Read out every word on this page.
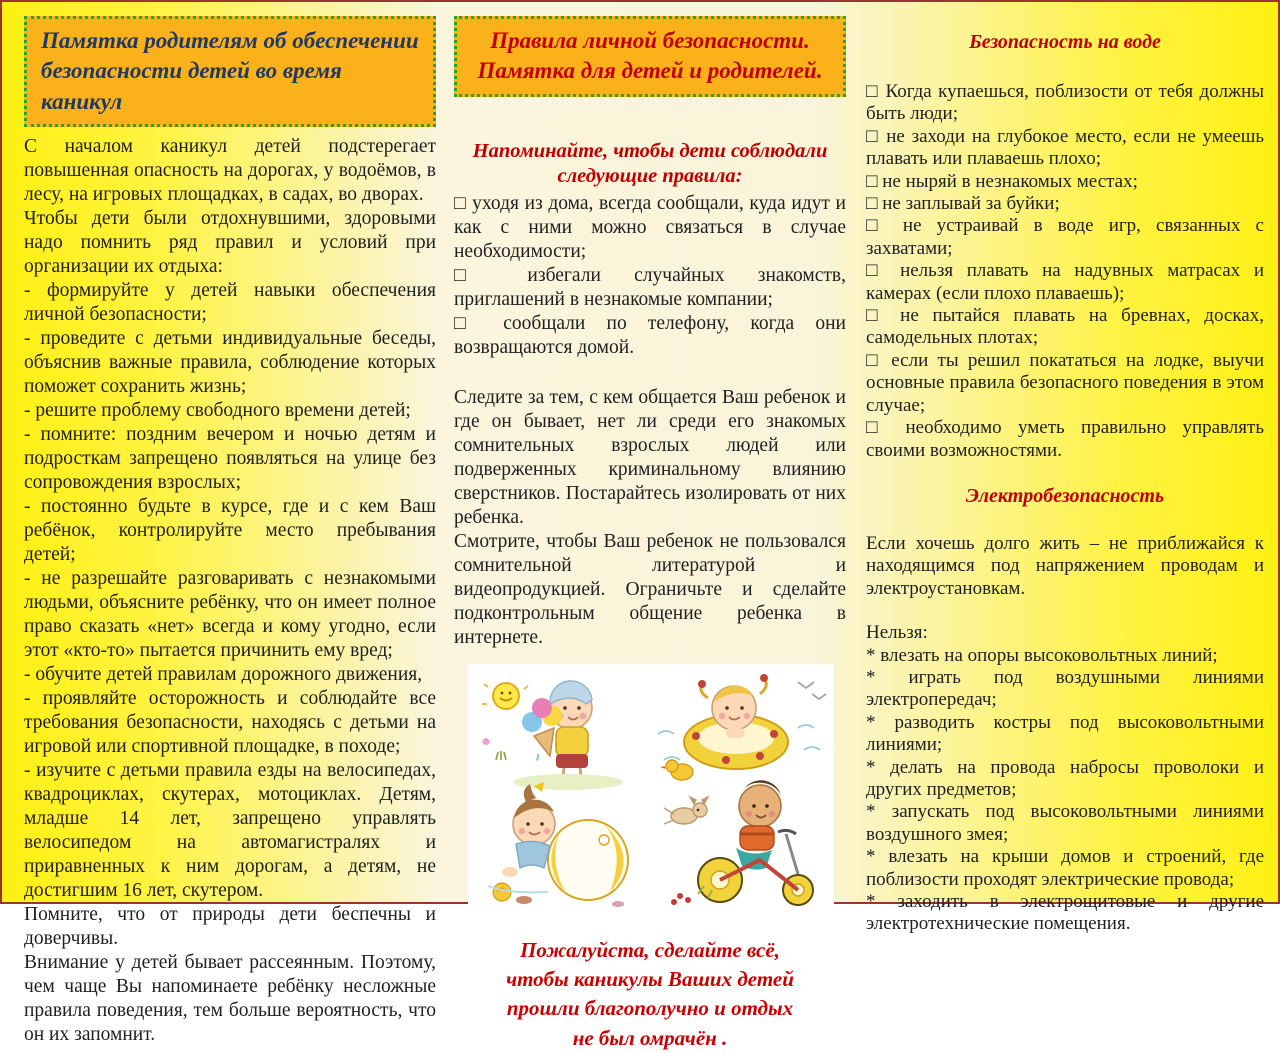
Памятка родителям об обеспечении
безопасности детей во время каникул

С началом каникул детей подстерегает повышенная опасность на дорогах, у водоёмов, в лесу, на игровых площадках, в садах, во дворах.

Чтобы дети были отдохнувшими, здоровыми надо помнить ряд правил и условий при организации их отдыха:

- формируйте у детей навыки обеспечения личной безопасности;

- проведите с детьми индивидуальные беседы, объяснив важные правила, соблюдение которых поможет сохранить жизнь;

- решите проблему свободного времени детей;

- помните: поздним вечером и ночью детям и подросткам запрещено появляться на улице без сопровождения взрослых;

- постоянно будьте в курсе, где и с кем Ваш ребёнок, контролируйте место пребывания детей;

- не разрешайте разговаривать с незнакомыми людьми, объясните ребёнку, что он имеет полное право сказать «нет» всегда и кому угодно, если этот «кто-то» пытается причинить ему вред;

- обучите детей правилам дорожного движения,

- проявляйте осторожность и соблюдайте все требования безопасности, находясь с детьми на игровой или спортивной площадке, в походе;

- изучите с детьми правила езды на велосипедах, квадроциклах, скутерах, мотоциклах. Детям, младше 14 лет, запрещено управлять велосипедом на автомагистралях и приравненных к ним дорогам, а детям, не достигшим 16 лет, скутером.

Помните, что от природы дети беспечны и доверчивы.

Внимание у детей бывает рассеянным. Поэтому, чем чаще Вы напоминаете ребёнку несложные правила поведения, тем больше вероятность, что он их запомнит.

Правила личной безопасности.
Памятка для детей и родителей.
Напоминайте, чтобы дети соблюдали следующие правила:

□ уходя из дома, всегда сообщали, куда идут и как с ними можно связаться в случае необходимости;

□ избегали случайных знакомств, приглашений в незнакомые компании;

□ сообщали по телефону, когда они возвращаются домой.

Следите за тем, с кем общается Ваш ребенок и где он бывает, нет ли среди его знакомых сомнительных взрослых людей или подверженных криминальному влиянию сверстников. Постарайтесь изолировать от них ребенка.

Смотрите, чтобы Ваш ребенок не пользовался сомнительной литературой и видеопродукцией. Ограничьте и сделайте подконтрольным общение ребенка в интернете.

Пожалуйста, сделайте всё,
чтобы каникулы Ваших детей
прошли благополучно и отдых
не был омрачён .
Безопасность на воде

□ Когда купаешься, поблизости от тебя должны быть люди;

□ не заходи на глубокое место, если не умеешь плавать или плаваешь плохо;

□ не ныряй в незнакомых местах;

□ не заплывай за буйки;

□ не устраивай в воде игр, связанных с захватами;

□ нельзя плавать на надувных матрасах и камерах (если плохо плаваешь);

□ не пытайся плавать на бревнах, досках, самодельных плотах;

□ если ты решил покататься на лодке, выучи основные правила безопасного поведения в этом случае;

□ необходимо уметь правильно управлять своими возможностями.

Электробезопасность

Если хочешь долго жить – не приближайся к находящимся под напряжением проводам и электроустановкам.

Нельзя:

* влезать на опоры высоковольтных линий;

* играть под воздушными линиями электропередач;

* разводить костры под высоковольтными линиями;

* делать на провода набросы проволоки и других предметов;

* запускать под высоковольтными линиями воздушного змея;

* влезать на крыши домов и строений, где поблизости проходят электрические провода;

* заходить в электрощитовые и другие электротехнические помещения.
